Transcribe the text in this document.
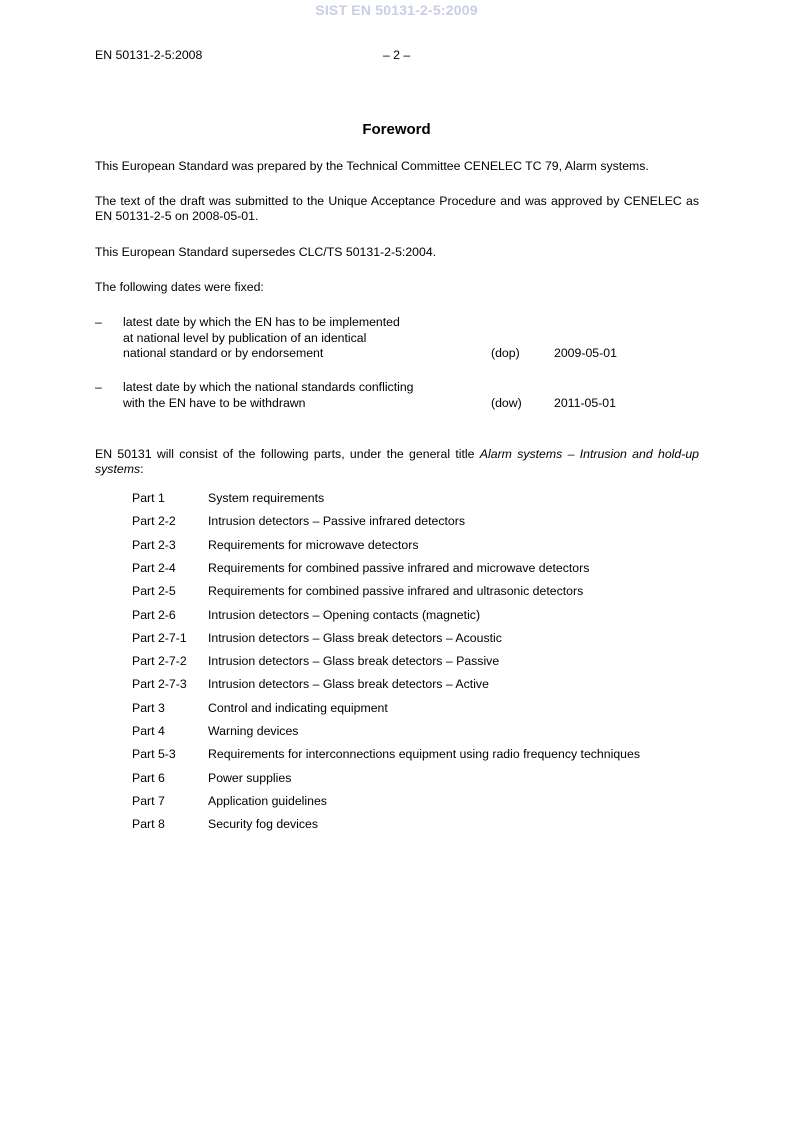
SIST EN 50131-2-5:2009
EN 50131-2-5:2008	– 2 –
Foreword
This European Standard was prepared by the Technical Committee CENELEC TC 79, Alarm systems.
The text of the draft was submitted to the Unique Acceptance Procedure and was approved by CENELEC as EN 50131-2-5 on 2008-05-01.
This European Standard supersedes CLC/TS 50131-2-5:2004.
The following dates were fixed:
– latest date by which the EN has to be implemented
at national level by publication of an identical
national standard or by endorsement	(dop)	2009-05-01
– latest date by which the national standards conflicting
with the EN have to be withdrawn	(dow)	2011-05-01
EN 50131 will consist of the following parts, under the general title Alarm systems – Intrusion and hold-up systems:
Part 1	System requirements
Part 2-2	Intrusion detectors – Passive infrared detectors
Part 2-3	Requirements for microwave detectors
Part 2-4	Requirements for combined passive infrared and microwave detectors
Part 2-5	Requirements for combined passive infrared and ultrasonic detectors
Part 2-6	Intrusion detectors – Opening contacts (magnetic)
Part 2-7-1 Intrusion detectors – Glass break detectors – Acoustic
Part 2-7-2 Intrusion detectors – Glass break detectors – Passive
Part 2-7-3 Intrusion detectors – Glass break detectors – Active
Part 3	Control and indicating equipment
Part 4	Warning devices
Part 5-3	Requirements for interconnections equipment using radio frequency techniques
Part 6	Power supplies
Part 7	Application guidelines
Part 8	Security fog devices
